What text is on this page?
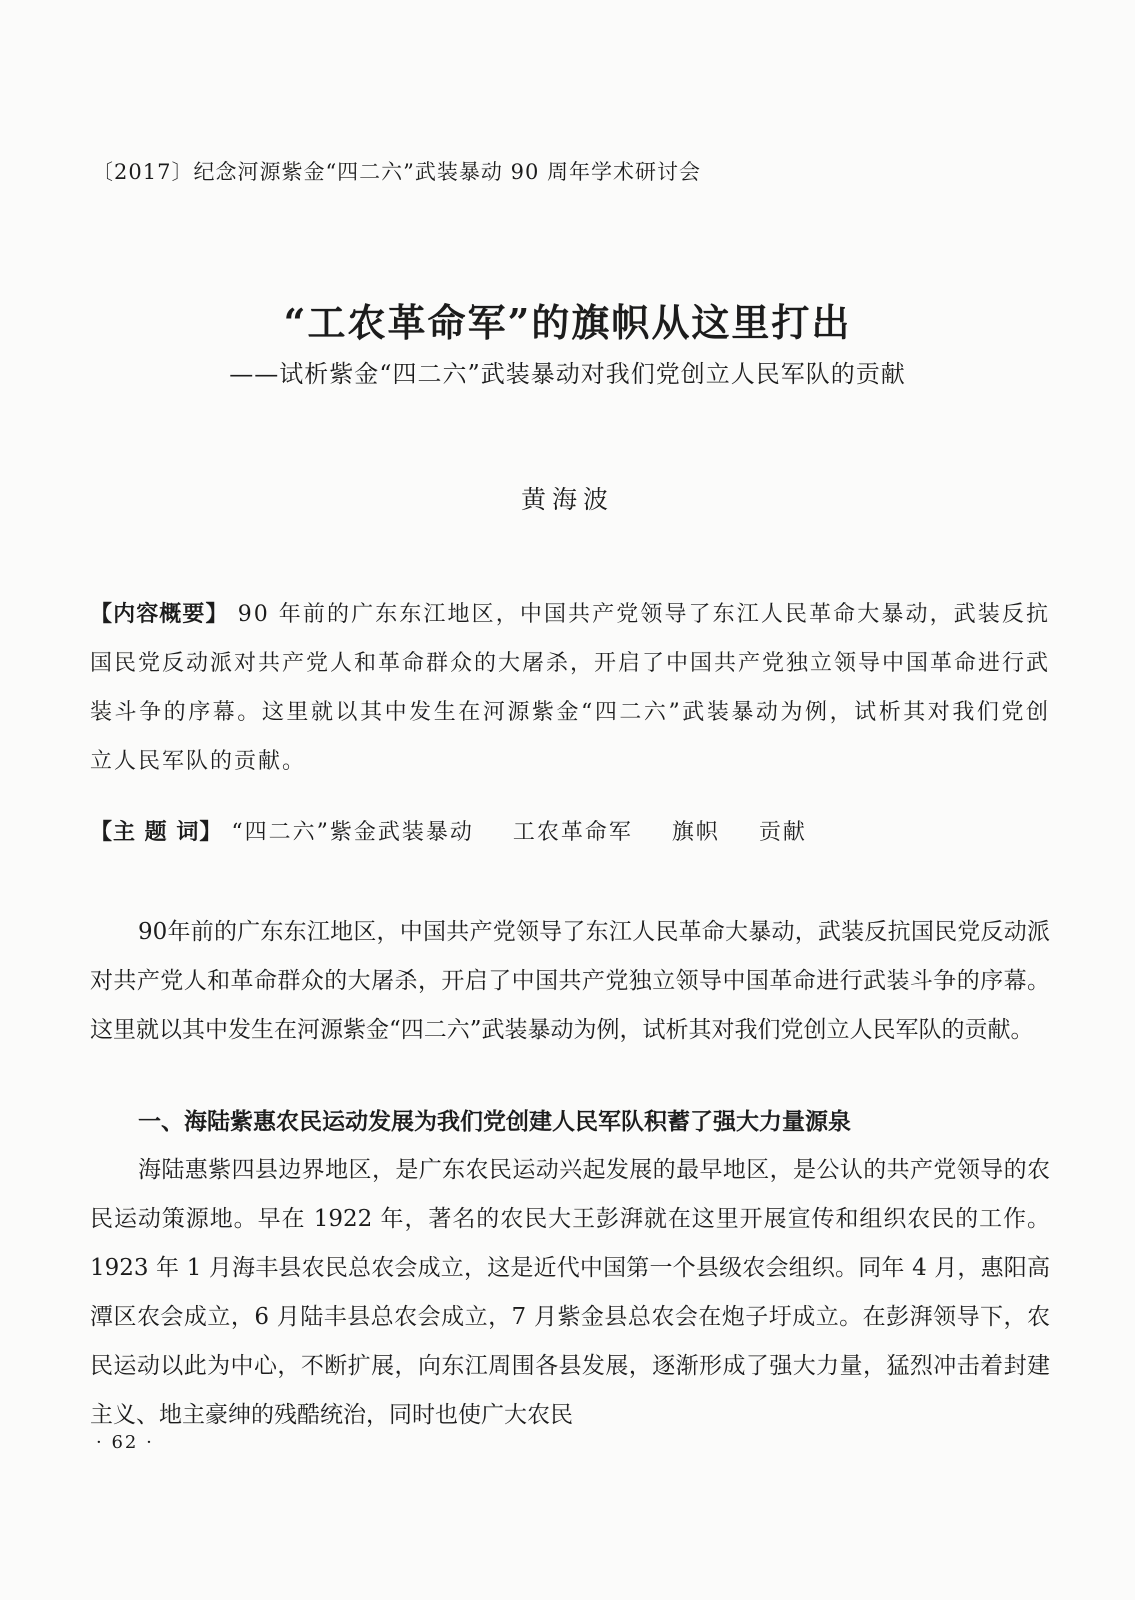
〔2017〕纪念河源紫金“四二六”武装暴动 90 周年学术研讨会
“工农革命军”的旗帜从这里打出
——试析紫金“四二六”武装暴动对我们党创立人民军队的贡献
黄海波
【内容概要】 90 年前的广东东江地区，中国共产党领导了东江人民革命大暴动，武装反抗国民党反动派对共产党人和革命群众的大屠杀，开启了中国共产党独立领导中国革命进行武装斗争的序幕。这里就以其中发生在河源紫金“四二六”武装暴动为例，试析其对我们党创立人民军队的贡献。
【主 题 词】 “四二六”紫金武装暴动 工农革命军 旗帜 贡献
90年前的广东东江地区，中国共产党领导了东江人民革命大暴动，武装反抗国民党反动派对共产党人和革命群众的大屠杀，开启了中国共产党独立领导中国革命进行武装斗争的序幕。这里就以其中发生在河源紫金“四二六”武装暴动为例，试析其对我们党创立人民军队的贡献。
一、海陆紫惠农民运动发展为我们党创建人民军队积蓄了强大力量源泉
海陆惠紫四县边界地区，是广东农民运动兴起发展的最早地区，是公认的共产党领导的农民运动策源地。早在 1922 年，著名的农民大王彭湃就在这里开展宣传和组织农民的工作。1923 年 1 月海丰县农民总农会成立，这是近代中国第一个县级农会组织。同年 4 月，惠阳高潭区农会成立，6 月陆丰县总农会成立，7 月紫金县总农会在炮子圩成立。在彭湃领导下，农民运动以此为中心，不断扩展，向东江周围各县发展，逐渐形成了强大力量，猛烈冲击着封建主义、地主豪绅的残酷统治，同时也使广大农民
· 62 ·
